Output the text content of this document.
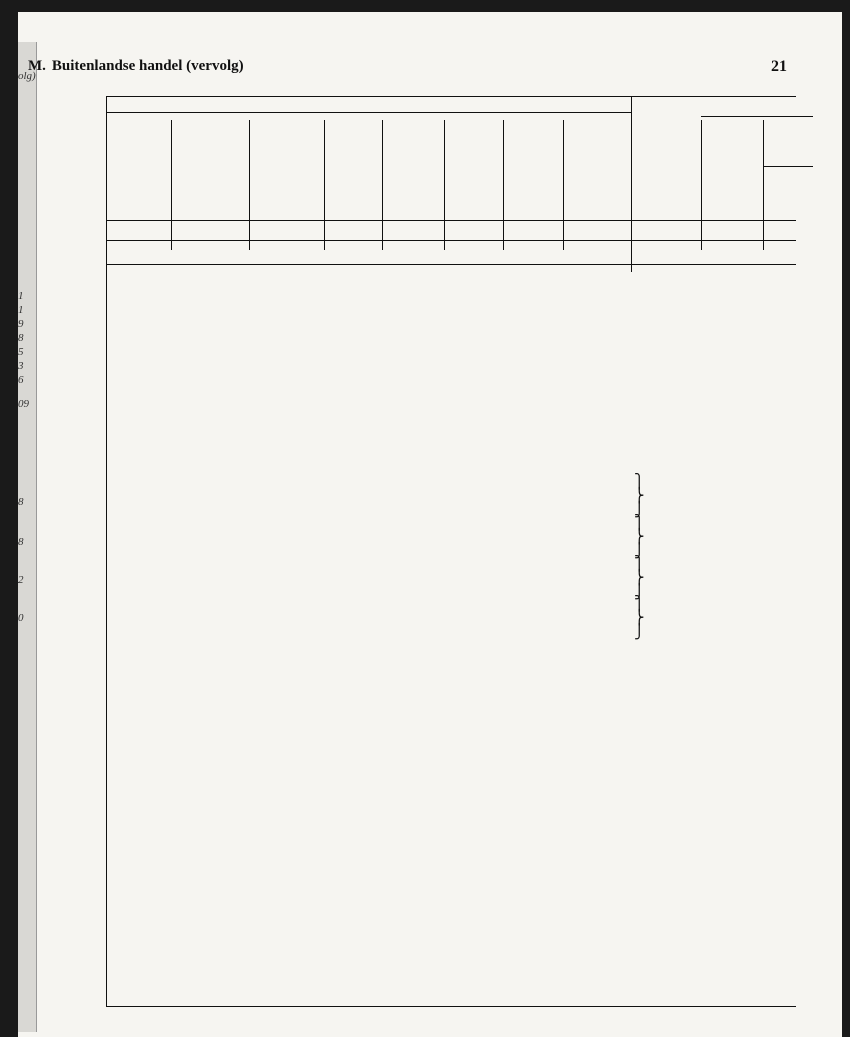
olg)
1
1
9
8
5
3
6
09
8
8
2
0
M. Buitenlandse handel (vervolg)	21
⎫
⎬
⎭
⎫
⎬
⎭
⎫
⎬
⎭
⎫
⎬
⎭
